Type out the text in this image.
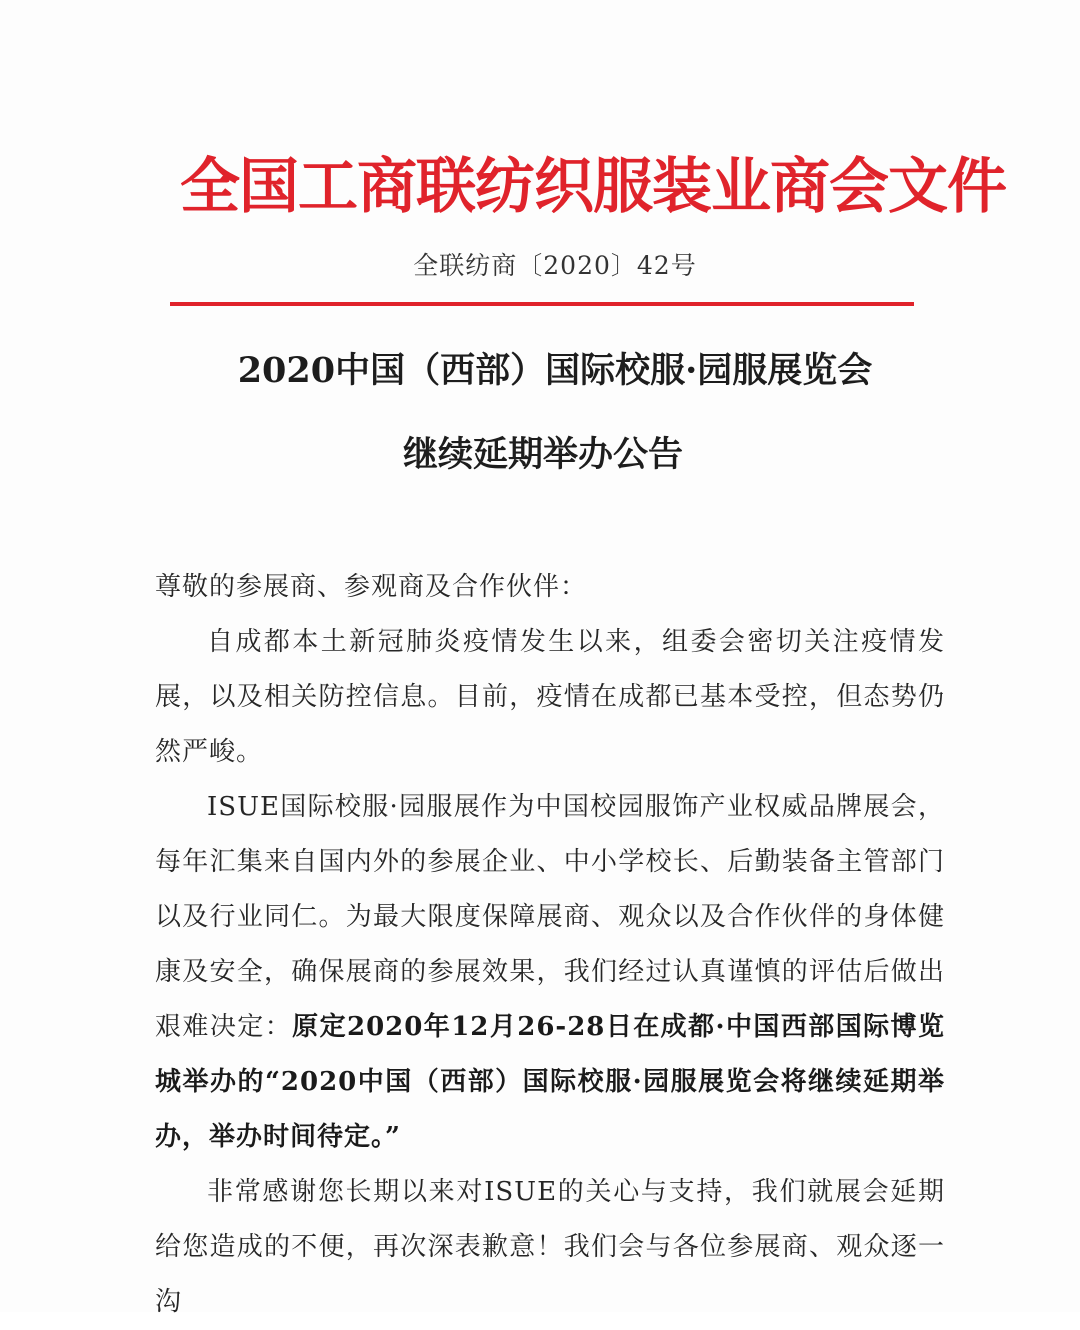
全国工商联纺织服装业商会文件
全联纺商〔2020〕42号
2020中国（西部）国际校服·园服展览会
继续延期举办公告

尊敬的参展商、参观商及合作伙伴：

自成都本土新冠肺炎疫情发生以来，组委会密切关注疫情发展，以及相关防控信息。目前，疫情在成都已基本受控，但态势仍然严峻。

ISUE国际校服·园服展作为中国校园服饰产业权威品牌展会，每年汇集来自国内外的参展企业、中小学校长、后勤装备主管部门以及行业同仁。为最大限度保障展商、观众以及合作伙伴的身体健康及安全，确保展商的参展效果，我们经过认真谨慎的评估后做出艰难决定：原定2020年12月26-28日在成都·中国西部国际博览城举办的“2020中国（西部）国际校服·园服展览会将继续延期举办，举办时间待定。”

非常感谢您长期以来对ISUE的关心与支持，我们就展会延期给您造成的不便，再次深表歉意！我们会与各位参展商、观众逐一沟
